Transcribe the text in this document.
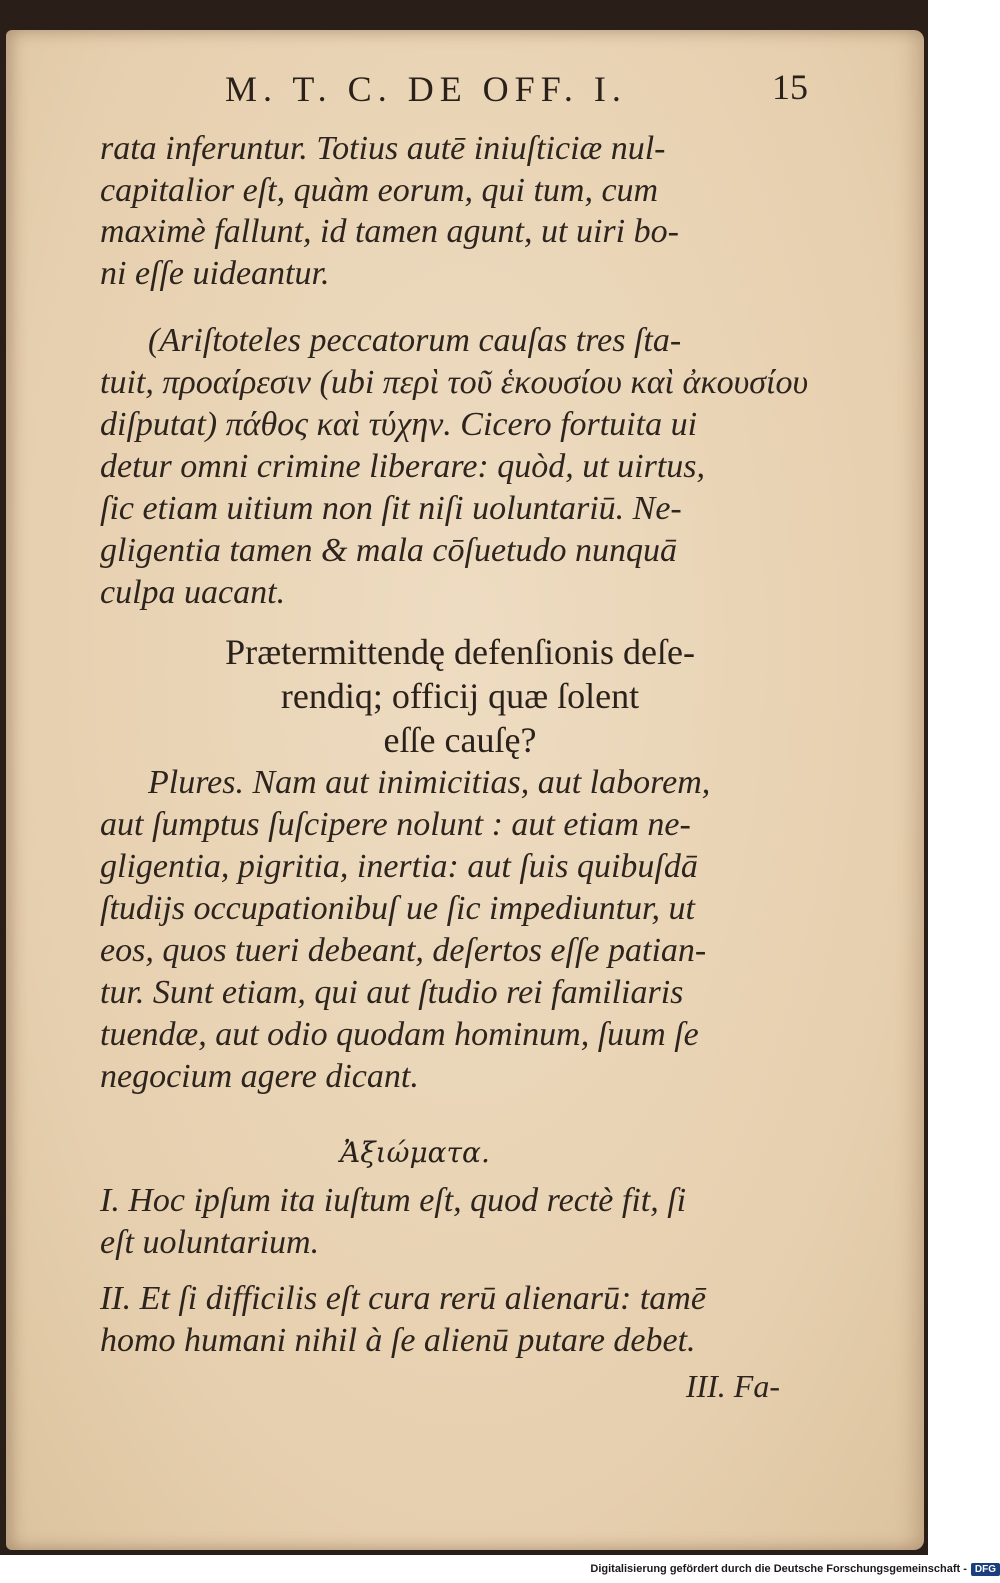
M. T. C. DE OFF. I.	15
rata inferuntur. Totius autē iniuſticiæ nul-
capitalior eſt, quàm eorum, qui tum, cum
maximè fallunt, id tamen agunt, ut uiri bo-
ni eſſe uideantur.
(Ariſtoteles peccatorum cauſas tres ſta-
tuit, προαίρεσιν (ubi περὶ τοῦ ἑκουσίου καὶ ἀκουσίου
diſputat) πάθος καὶ τύχην. Cicero fortuita ui
detur omni crimine liberare: quòd, ut uirtus,
ſic etiam uitium non ſit niſi uoluntariū. Ne-
gligentia tamen & mala cōſuetudo nunquā
culpa uacant.
Prætermittendę defenſionis deſe-
rendiq; officij quæ ſolent
eſſe cauſę?
Plures. Nam aut inimicitias, aut laborem,
aut ſumptus ſuſcipere nolunt : aut etiam ne-
gligentia, pigritia, inertia: aut ſuis quibuſdā
ſtudijs occupationibuſ ue ſic impediuntur, ut
eos, quos tueri debeant, deſertos eſſe patian-
tur. Sunt etiam, qui aut ſtudio rei familiaris
tuendæ, aut odio quodam hominum, ſuum ſe
negocium agere dicant.
Ἀξιώματα.
I. Hoc ipſum ita iuſtum eſt, quod rectè fit, ſi
eſt uoluntarium.
II. Et ſi difficilis eſt cura rerū alienarū: tamē
homo humani nihil à ſe alienū putare debet.
III. Fa-
Digitalisierung gefördert durch die Deutsche Forschungsgemeinschaft - DFG
